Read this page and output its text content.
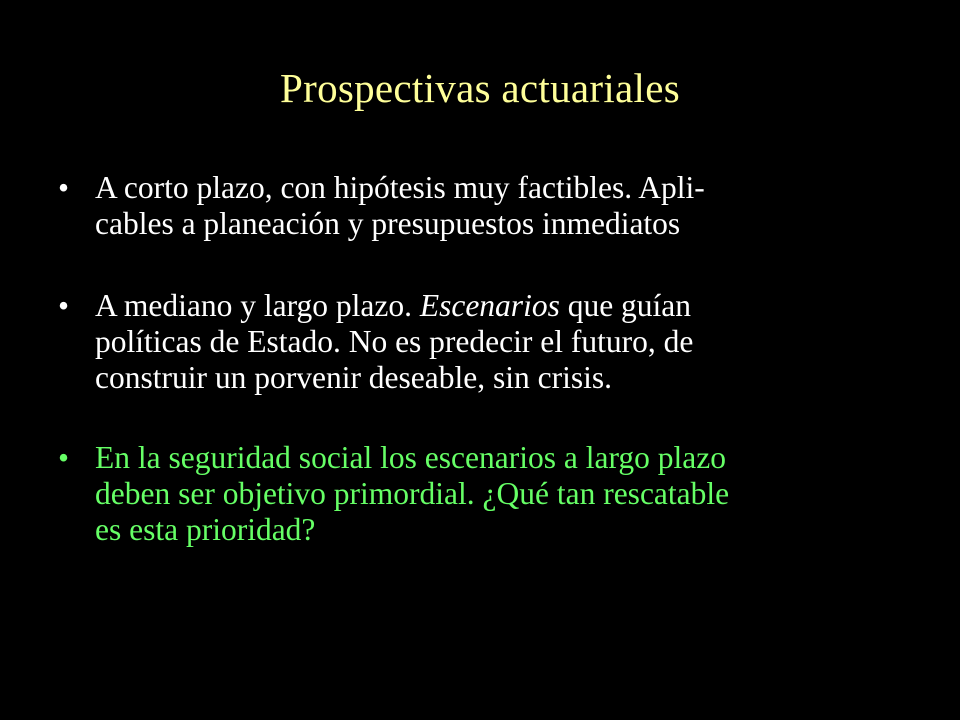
Prospectivas actuariales
• A corto plazo, con hipótesis muy factibles. Apli-
cables a planeación y presupuestos inmediatos
• A mediano y largo plazo. Escenarios que guían
políticas de Estado. No es predecir el futuro, de
construir un porvenir deseable, sin crisis.
• En la seguridad social los escenarios a largo plazo
deben ser objetivo primordial. ¿Qué tan rescatable
es esta prioridad?
